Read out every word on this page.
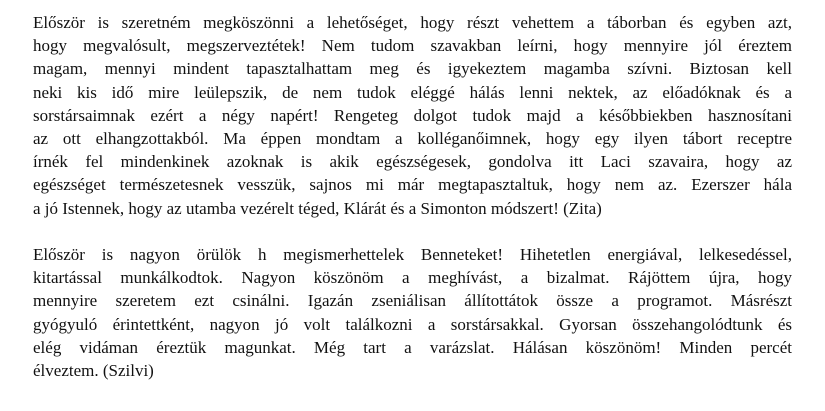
Először is szeretném megköszönni a lehetőséget, hogy részt vehettem a táborban és egyben azt,
hogy megvalósult, megszerveztétek! Nem tudom szavakban leírni, hogy mennyire jól éreztem
magam, mennyi mindent tapasztalhattam meg és igyekeztem magamba szívni. Biztosan kell
neki kis idő mire leülepszik, de nem tudok eléggé hálás lenni nektek, az előadóknak és a
sorstársaimnak ezért a négy napért! Rengeteg dolgot tudok majd a későbbiekben hasznosítani
az ott elhangzottakból. Ma éppen mondtam a kolléganőimnek, hogy egy ilyen tábort receptre
írnék fel mindenkinek azoknak is akik egészségesek, gondolva itt Laci szavaira, hogy az
egészséget természetesnek vesszük, sajnos mi már megtapasztaltuk, hogy nem az. Ezerszer hála
a jó Istennek, hogy az utamba vezérelt téged, Klárát és a Simonton módszert! (Zita)
Először is nagyon örülök h megismerhettelek Benneteket! Hihetetlen energiával, lelkesedéssel,
kitartással munkálkodtok. Nagyon köszönöm a meghívást, a bizalmat. Rájöttem újra, hogy
mennyire szeretem ezt csinálni. Igazán zseniálisan állítottátok össze a programot. Másrészt
gyógyuló érintettként, nagyon jó volt találkozni a sorstársakkal. Gyorsan összehangolódtunk és
elég vidáman éreztük magunkat. Még tart a varázslat. Hálásan köszönöm! Minden percét
élveztem. (Szilvi)
